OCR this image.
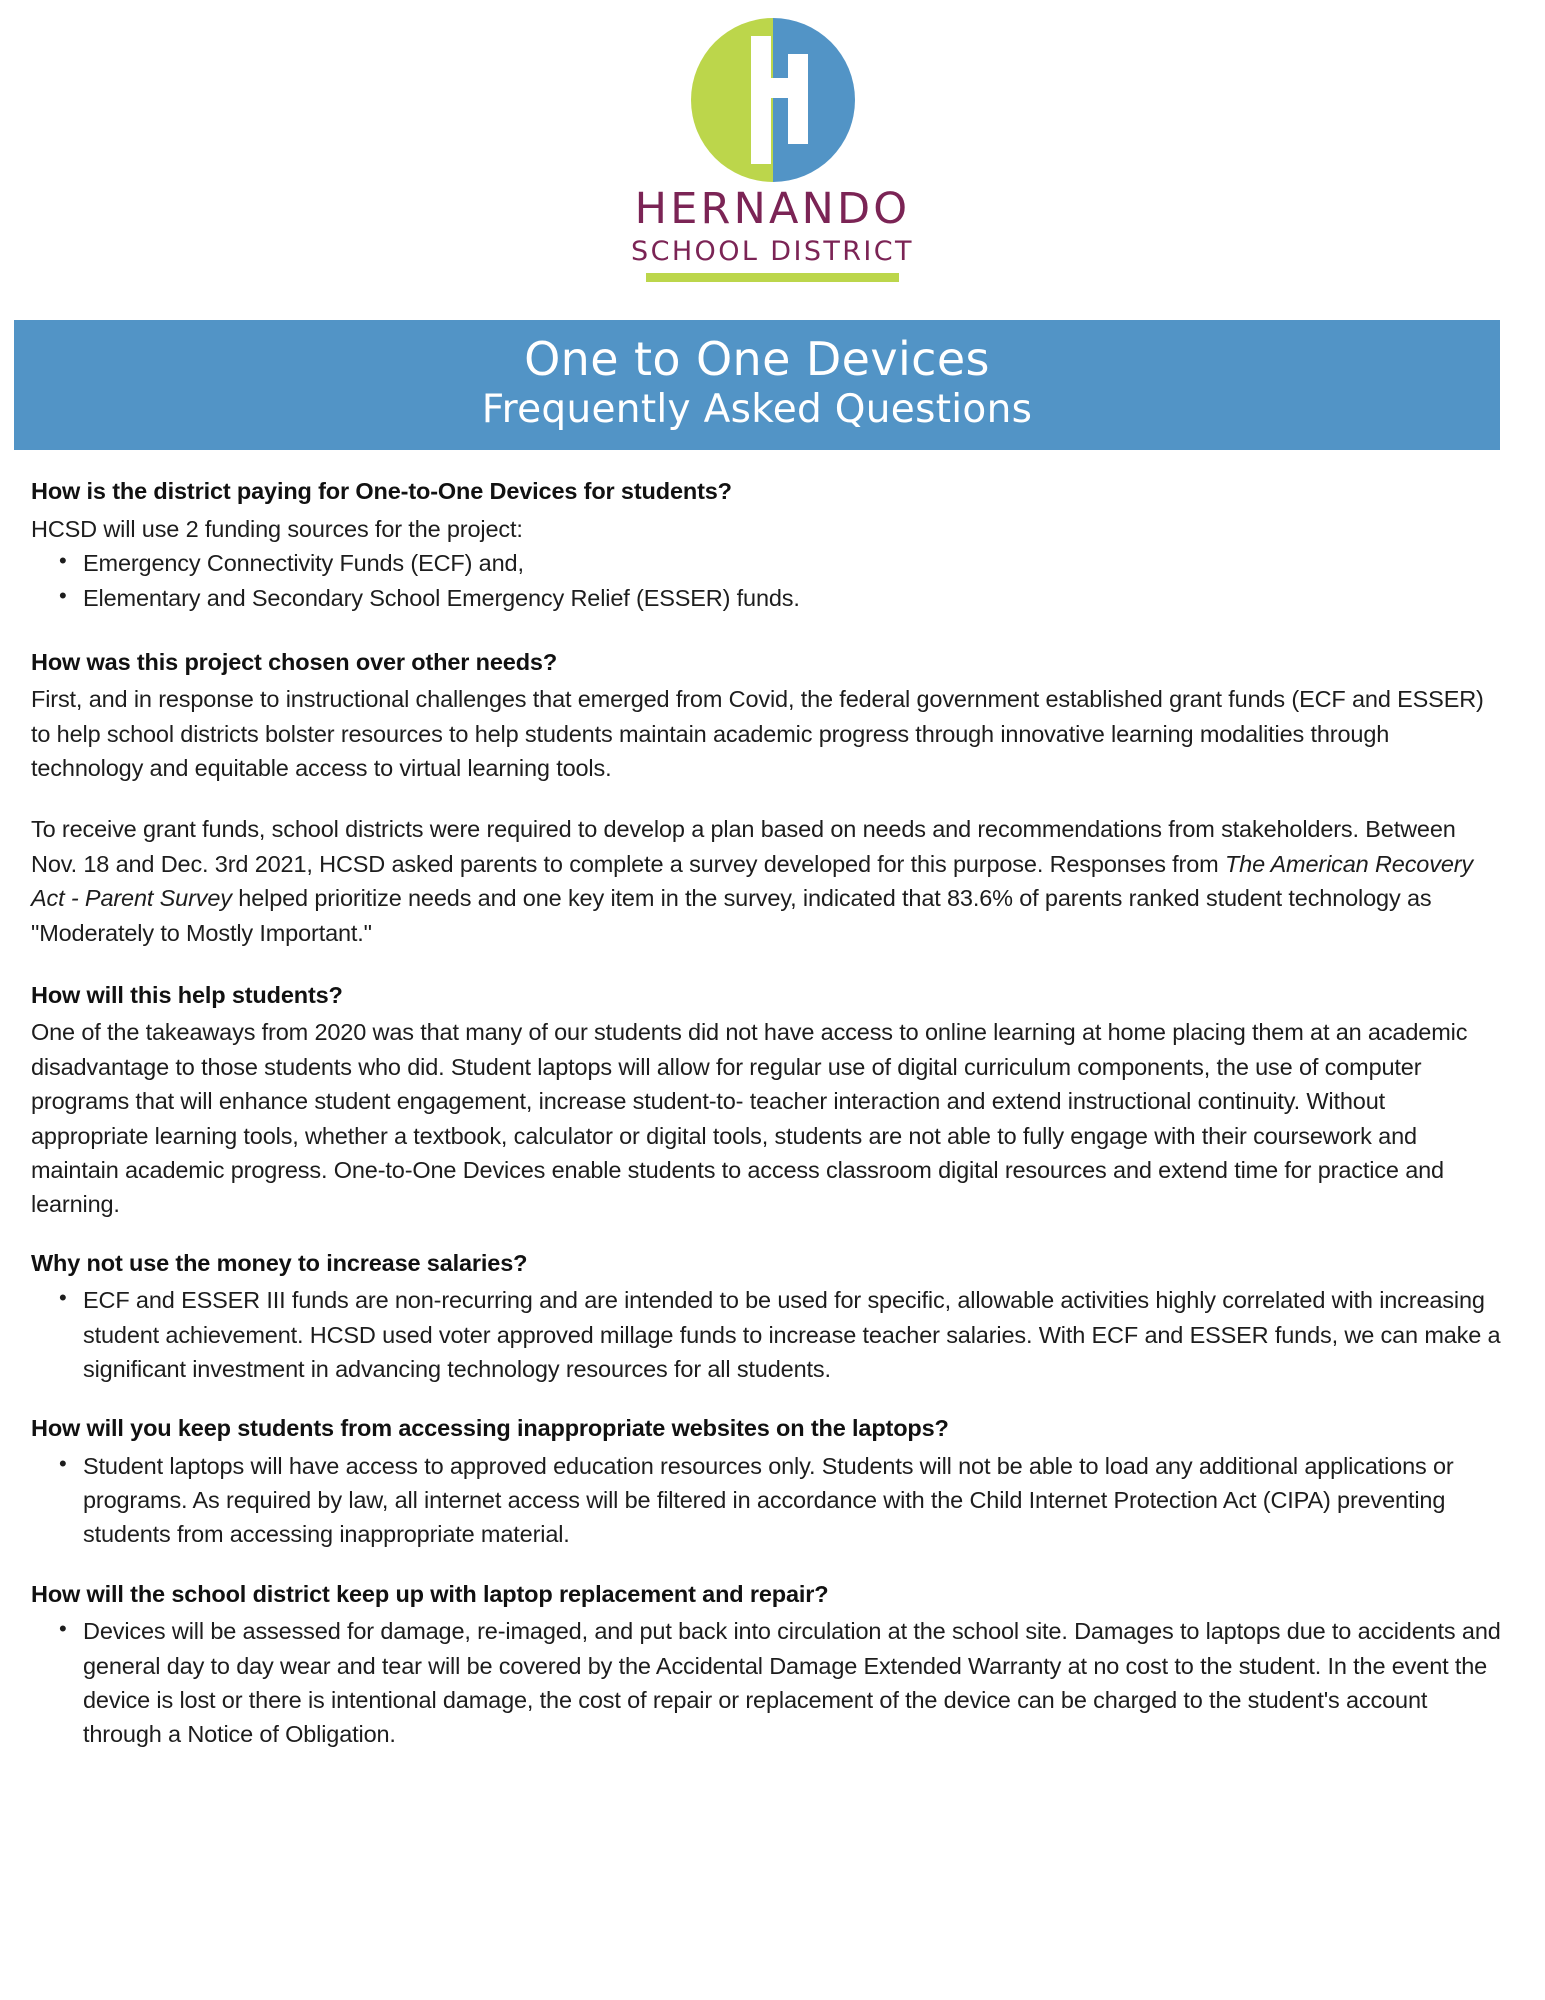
HERNANDO
SCHOOL DISTRICT
One to One Devices
Frequently Asked Questions

How is the district paying for One-to-One Devices for students?

HCSD will use 2 funding sources for the project:

• Emergency Connectivity Funds (ECF) and,
• Elementary and Secondary School Emergency Relief (ESSER) funds.

How was this project chosen over other needs?

First, and in response to instructional challenges that emerged from Covid, the federal government established grant funds (ECF and ESSER) to help school districts bolster resources to help students maintain academic progress through innovative learning modalities through technology and equitable access to virtual learning tools.

To receive grant funds, school districts were required to develop a plan based on needs and recommendations from stakeholders. Between Nov. 18 and Dec. 3rd 2021, HCSD asked parents to complete a survey developed for this purpose. Responses from The American Recovery Act - Parent Survey helped prioritize needs and one key item in the survey, indicated that 83.6% of parents ranked student technology as "Moderately to Mostly Important."

How will this help students?

One of the takeaways from 2020 was that many of our students did not have access to online learning at home placing them at an academic disadvantage to those students who did. Student laptops will allow for regular use of digital curriculum components, the use of computer programs that will enhance student engagement, increase student-to- teacher interaction and extend instructional continuity. Without appropriate learning tools, whether a textbook, calculator or digital tools, students are not able to fully engage with their coursework and maintain academic progress. One-to-One Devices enable students to access classroom digital resources and extend time for practice and learning.

Why not use the money to increase salaries?

• ECF and ESSER III funds are non-recurring and are intended to be used for specific, allowable activities highly correlated with increasing student achievement. HCSD used voter approved millage funds to increase teacher salaries. With ECF and ESSER funds, we can make a significant investment in advancing technology resources for all students.

How will you keep students from accessing inappropriate websites on the laptops?

• Student laptops will have access to approved education resources only. Students will not be able to load any additional applications or programs. As required by law, all internet access will be filtered in accordance with the Child Internet Protection Act (CIPA) preventing students from accessing inappropriate material.

How will the school district keep up with laptop replacement and repair?

• Devices will be assessed for damage, re-imaged, and put back into circulation at the school site. Damages to laptops due to accidents and general day to day wear and tear will be covered by the Accidental Damage Extended Warranty at no cost to the student. In the event the device is lost or there is intentional damage, the cost of repair or replacement of the device can be charged to the student's account through a Notice of Obligation.
